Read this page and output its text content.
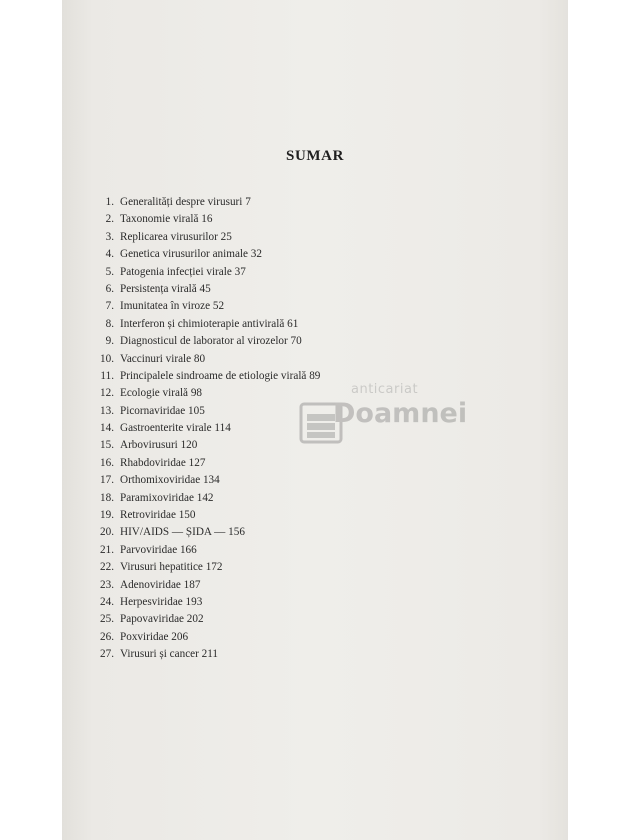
SUMAR
1. Generalități despre virusuri 7
2. Taxonomie virală 16
3. Replicarea virusurilor 25
4. Genetica virusurilor animale 32
5. Patogenia infecției virale 37
6. Persistența virală 45
7. Imunitatea în viroze 52
8. Interferon și chimioterapie antivirală 61
9. Diagnosticul de laborator al virozelor 70
10. Vaccinuri virale 80
11. Principalele sindroame de etiologie virală 89
12. Ecologie virală 98
13. Picornaviridae 105
14. Gastroenterite virale 114
15. Arbovirusuri 120
16. Rhabdoviridae 127
17. Orthomixoviridae 134
18. Paramixoviridae 142
19. Retroviridae 150
20. HIV/AIDS — ȘIDA — 156
21. Parvoviridae 166
22. Virusuri hepatitice 172
23. Adenoviridae 187
24. Herpesviridae 193
25. Papovaviridae 202
26. Poxviridae 206
27. Virusuri și cancer 211
anticariat
Doamnei
